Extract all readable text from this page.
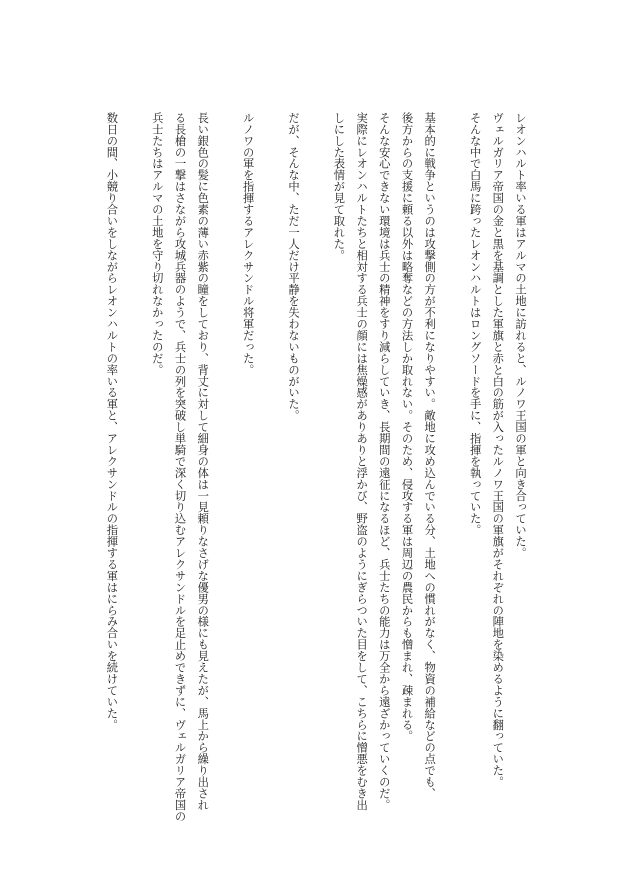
レオンハルト率いる軍はアルマの土地に訪れると、ルノワ王国の軍と向き合っていた。
ヴェルガリア帝国の金と黒を基調とした軍旗と赤と白の筋が入ったルノワ王国の軍旗がそれぞれの陣地を染めるように翻っていた。
そんな中で白馬に跨ったレオンハルトはロングソードを手に、指揮を執っていた。
基本的に戦争というのは攻撃側の方が不利になりやすい。敵地に攻め込んでいる分、土地への慣れがなく、物資の補給などの点でも、
後方からの支援に頼る以外は略奪などの方法しか取れない。そのため、侵攻する軍は周辺の農民からも憎まれ、疎まれる。
そんな安心できない環境は兵士の精神をすり減らしていき、長期間の遠征になるほど、兵士たちの能力は万全から遠ざかっていくのだ。
実際にレオンハルトたちと相対する兵士の顔には焦燥感がありありと浮かび、野盗のようにぎらついた目をして、こちらに憎悪をむき出
しにした表情が見て取れた。
だが、そんな中、ただ一人だけ平静を失わないものがいた。
ルノワの軍を指揮するアレクサンドル将軍だった。
長い銀色の髪に色素の薄い赤紫の瞳をしており、背丈に対して細身の体は一見頼りなさげな優男の様にも見えたが、馬上から繰り出され
る長槍の一撃はさながら攻城兵器のようで、兵士の列を突破し単騎で深く切り込むアレクサンドルを足止めできずに、ヴェルガリア帝国の
兵士たちはアルマの土地を守り切れなかったのだ。
数日の間、小競り合いをしながらレオンハルトの率いる軍と、アレクサンドルの指揮する軍はにらみ合いを続けていた。
